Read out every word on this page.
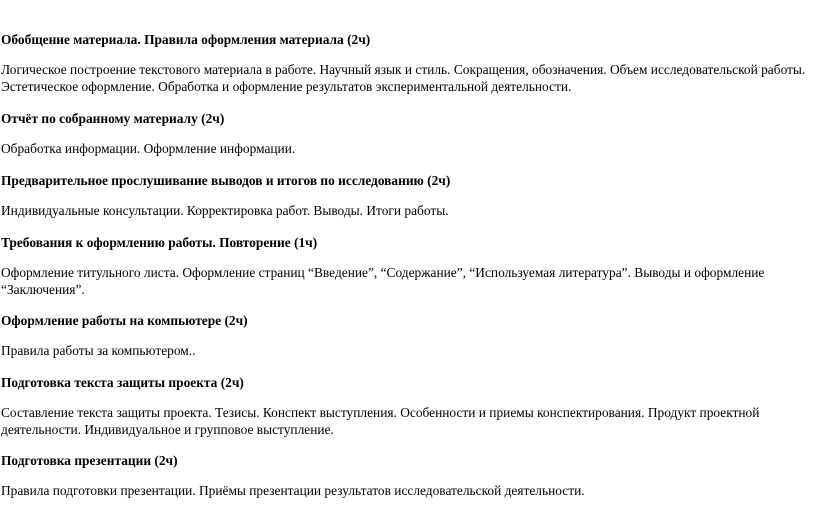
Обобщение материала. Правила оформления материала (2ч)
Логическое построение текстового материала в работе. Научный язык и стиль. Сокращения, обозначения. Объем исследовательской работы.
Эстетическое оформление. Обработка и оформление результатов экспериментальной деятельности.
Отчёт по собранному материалу (2ч)
Обработка информации. Оформление информации.
Предварительное прослушивание выводов и итогов по исследованию (2ч)
Индивидуальные консультации. Корректировка работ. Выводы. Итоги работы.
Требования к оформлению работы. Повторение (1ч)
Оформление титульного листа. Оформление страниц “Введение”, “Содержание”, “Используемая литература”. Выводы и оформление
“Заключения”.
Оформление работы на компьютере (2ч)
Правила работы за компьютером..
Подготовка текста защиты проекта (2ч)
Составление текста защиты проекта. Тезисы. Конспект выступления. Особенности и приемы конспектирования. Продукт проектной
деятельности. Индивидуальное и групповое выступление.
Подготовка презентации (2ч)
Правила подготовки презентации. Приёмы презентации результатов исследовательской деятельности.
